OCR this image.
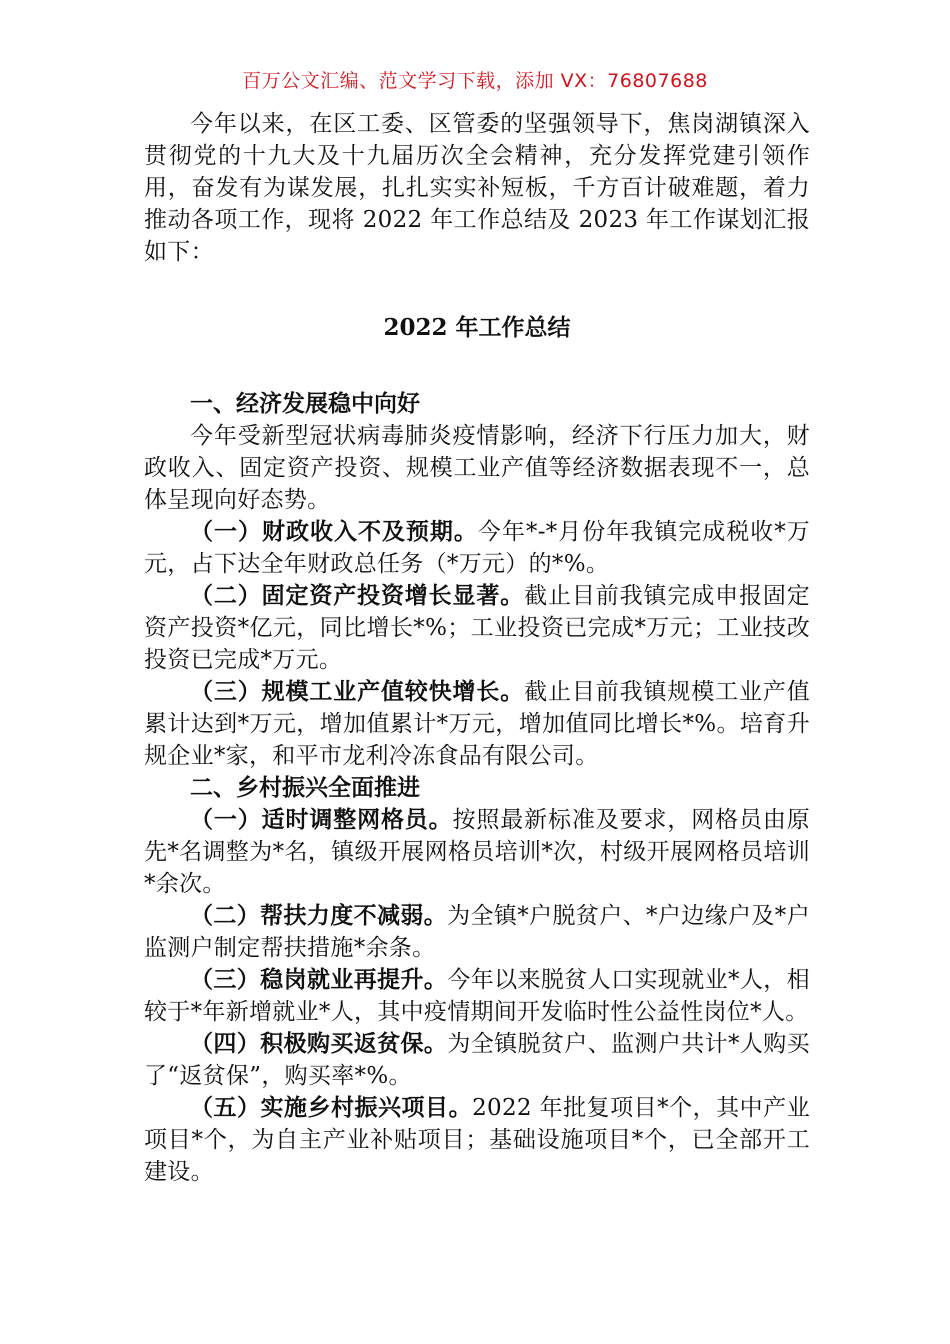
百万公文汇编、范文学习下载，添加 VX：76807688

今年以来，在区工委、区管委的坚强领导下，焦岗湖镇深入贯彻党的十九大及十九届历次全会精神，充分发挥党建引领作用，奋发有为谋发展，扎扎实实补短板，千方百计破难题，着力推动各项工作，现将 2022 年工作总结及 2023 年工作谋划汇报如下：

2022 年工作总结

一、经济发展稳中向好

今年受新型冠状病毒肺炎疫情影响，经济下行压力加大，财政收入、固定资产投资、规模工业产值等经济数据表现不一，总体呈现向好态势。

（一）财政收入不及预期。今年*-*月份年我镇完成税收*万元，占下达全年财政总任务（*万元）的*%。

（二）固定资产投资增长显著。截止目前我镇完成申报固定资产投资*亿元，同比增长*%；工业投资已完成*万元；工业技改投资已完成*万元。

（三）规模工业产值较快增长。截止目前我镇规模工业产值累计达到*万元，增加值累计*万元，增加值同比增长*%。培育升规企业*家，和平市龙利冷冻食品有限公司。

二、乡村振兴全面推进

（一）适时调整网格员。按照最新标准及要求，网格员由原先*名调整为*名，镇级开展网格员培训*次，村级开展网格员培训*余次。

（二）帮扶力度不减弱。为全镇*户脱贫户、*户边缘户及*户监测户制定帮扶措施*余条。

（三）稳岗就业再提升。今年以来脱贫人口实现就业*人，相较于*年新增就业*人，其中疫情期间开发临时性公益性岗位*人。

（四）积极购买返贫保。为全镇脱贫户、监测户共计*人购买了“返贫保”，购买率*%。

（五）实施乡村振兴项目。2022 年批复项目*个，其中产业项目*个，为自主产业补贴项目；基础设施项目*个，已全部开工建设。
